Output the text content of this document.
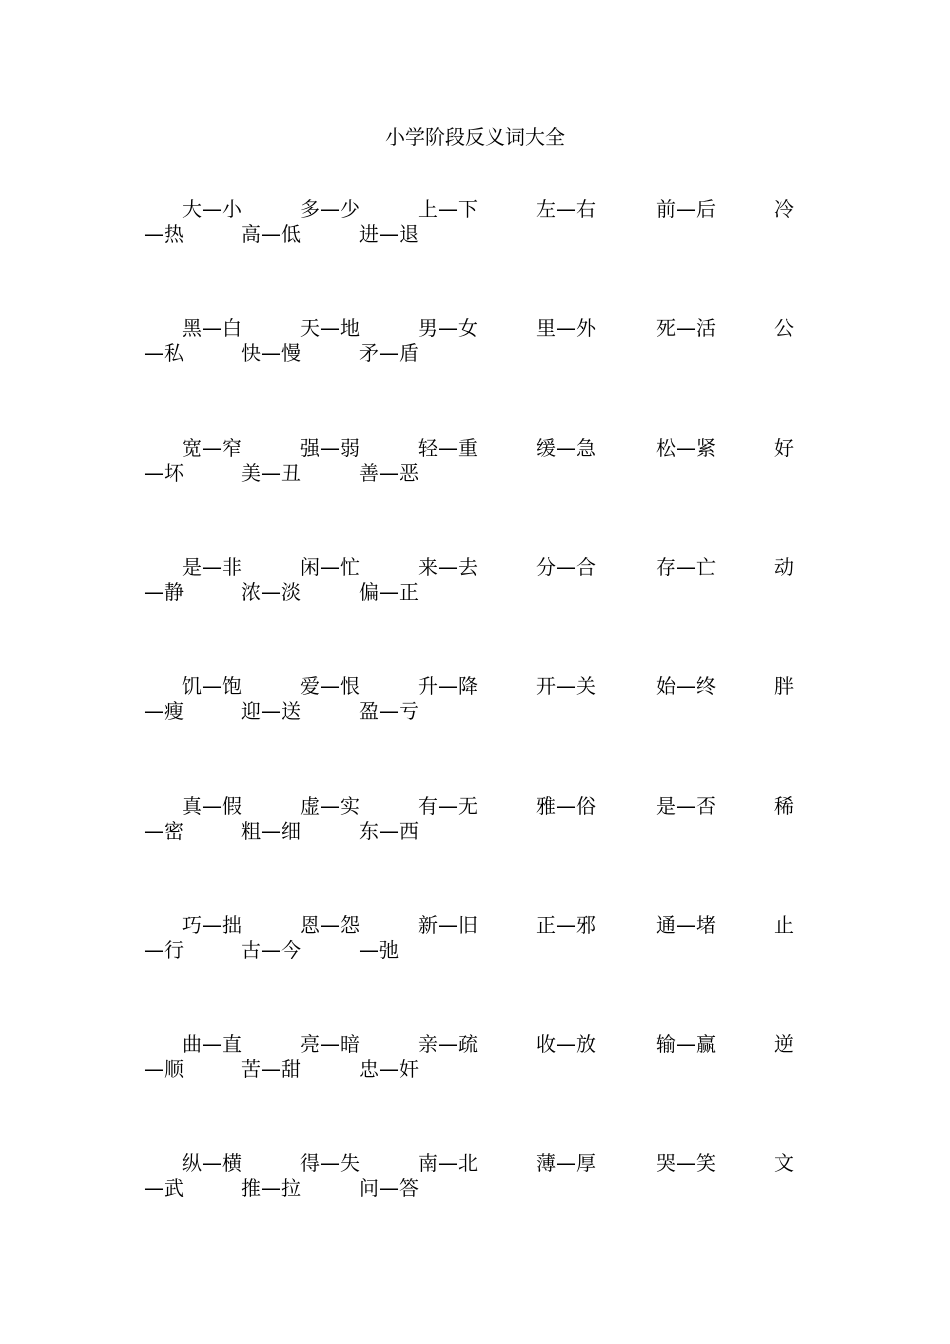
小学阶段反义词大全
大—小	多—少	上—下	左—右	前—后	冷
—热	高—低	进—退
黑—白	天—地	男—女	里—外	死—活	公
—私	快—慢	矛—盾
宽—窄	强—弱	轻—重	缓—急	松—紧	好
—坏	美—丑	善—恶
是—非	闲—忙	来—去	分—合	存—亡	动
—静	浓—淡	偏—正
饥—饱	爱—恨	升—降	开—关	始—终	胖
—瘦	迎—送	盈—亏
真—假	虚—实	有—无	雅—俗	是—否	稀
—密	粗—细	东—西
巧—拙	恩—怨	新—旧	正—邪	通—堵	止
—行	古—今	—弛
曲—直	亮—暗	亲—疏	收—放	输—赢	逆
—顺	苦—甜	忠—奸
纵—横	得—失	南—北	薄—厚	哭—笑	文
—武	推—拉	问—答
